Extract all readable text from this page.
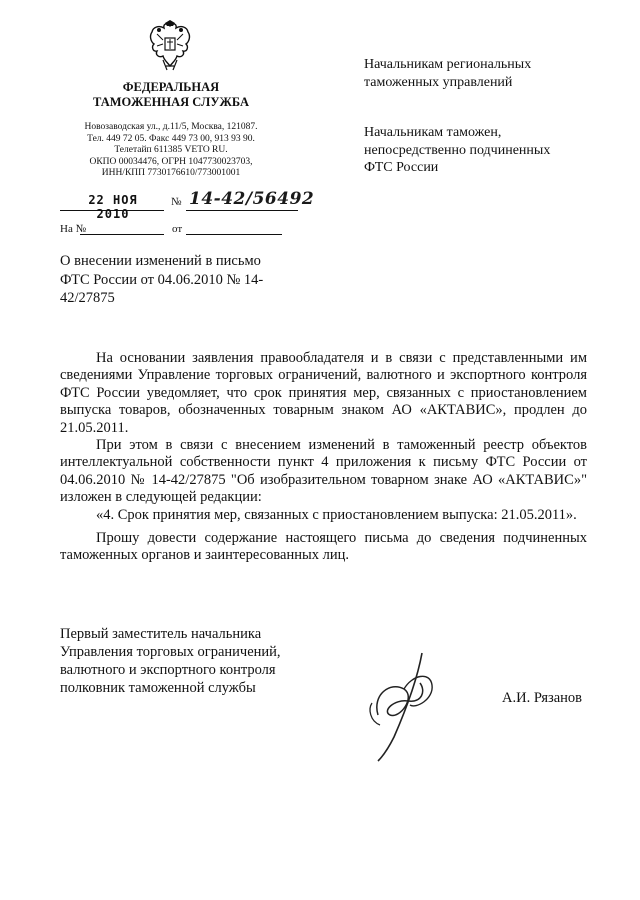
ФЕДЕРАЛЬНАЯ
ТАМОЖЕННАЯ СЛУЖБА
Новозаводская ул., д.11/5, Москва, 121087.
Тел. 449 72 05. Факс 449 73 00, 913 93 90.
Телетайп 611385 VETO RU.
ОКПО 00034476, ОГРН 1047730023703,
ИНН/КПП 7730176610/773001001
22 НОЯ 2010
№ 14-42/56492
На №	от
Начальникам региональных
таможенных управлений
Начальникам таможен,
непосредственно подчиненных
ФТС России
О внесении изменений в письмо
ФТС России от 04.06.2010 № 14-
42/27875

На основании заявления правообладателя и в связи с представленными им сведениями Управление торговых ограничений, валютного и экспортного контроля ФТС России уведомляет, что срок принятия мер, связанных с приостановлением выпуска товаров, обозначенных товарным знаком АО «АКТАВИС», продлен до 21.05.2011.

При этом в связи с внесением изменений в таможенный реестр объектов интеллектуальной собственности пункт 4 приложения к письму ФТС России от 04.06.2010 № 14-42/27875 "Об изобразительном товарном знаке АО «АКТАВИС»" изложен в следующей редакции:

«4. Срок принятия мер, связанных с приостановлением выпуска: 21.05.2011».

Прошу довести содержание настоящего письма до сведения подчиненных таможенных органов и заинтересованных лиц.

Первый заместитель начальника
Управления торговых ограничений,
валютного и экспортного контроля
полковник таможенной службы
А.И. Рязанов
